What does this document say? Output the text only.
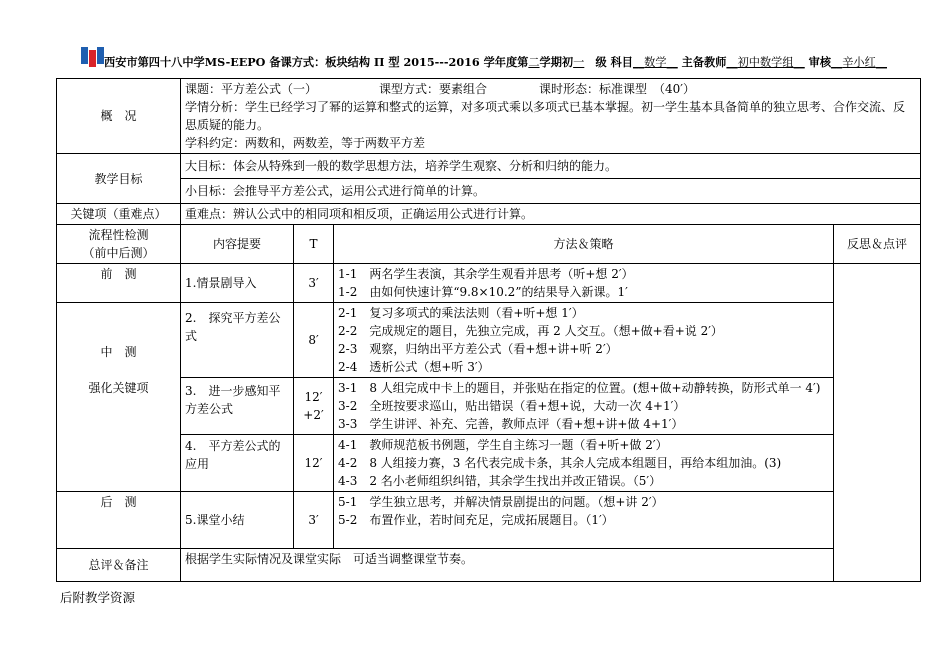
西安市第四十八中学MS-EEPO 备课方式：板块结构 Π 型 2015---2016 学年度第二学期初一　 级 科目__数学__ 主备教师__初中数学组__ 审核__辛小红__
概　况	课题：平方差公式（一） 课型方式：要素组合 课时形态：标准课型　（40′）
学情分析：学生已经学习了幂的运算和整式的运算，对多项式乘以多项式已基本掌握。初一学生基本具备简单的独立思考、合作交流、反思质疑的能力。
学科约定：两数和，两数差，等于两数平方差			

教学目标	大目标：体会从特殊到一般的数学思想方法，培养学生观察、分析和归纳的能力。			
	小目标：会推导平方差公式，运用公式进行简单的计算。			
关键项（重难点）	重难点：辨认公式中的相同项和相反项，正确运用公式进行计算。			

流程性检测
（前中后测）	内容提要	T	方法＆策略	反思＆点评
前　测	1.情景剧导入	3′	1-1　两名学生表演，其余学生观看并思考（听+想 2′）
1-2　由如何快速计算“9.8×10.2”的结果导入新课。1′	

中　测

强化关键项	2.　探究平方差公式	8′	2-1　复习多项式的乘法法则（看+听+想 1′）
2-2　完成规定的题目，先独立完成，再 2 人交互。（想+做+看+说 2′）
2-3　观察，归纳出平方差公式（看+想+讲+听 2′）
2-4　透析公式（想+听 3′）	

	3.　进一步感知平方差公式	12′
+2′	3-1　8 人组完成中卡上的题目，并张贴在指定的位置。(想+做+动静转换，防形式单一 4′)
3-2　全班按要求巡山，贴出错误（看+想+说，大动一次 4+1′）
3-3　学生讲评、补充、完善，教师点评（看+想+讲+做 4+1′）	

	4.　平方差公式的应用	12′	4-1　教师规范板书例题，学生自主练习一题（看+听+做 2′）
4-2　8 人组接力赛，3 名代表完成卡条，其余人完成本组题目，再给本组加油。(3)
4-3　2 名小老师组织纠错，其余学生找出并改正错误。（5′）	

后　测	5.课堂小结	3′	5-1　学生独立思考，并解决情景剧提出的问题。（想+讲 2′）
5-2　布置作业，若时间充足，完成拓展题目。（1′）	

总评＆备注	根据学生实际情况及课堂实际　可适当调整课堂节奏。			
后附教学资源
